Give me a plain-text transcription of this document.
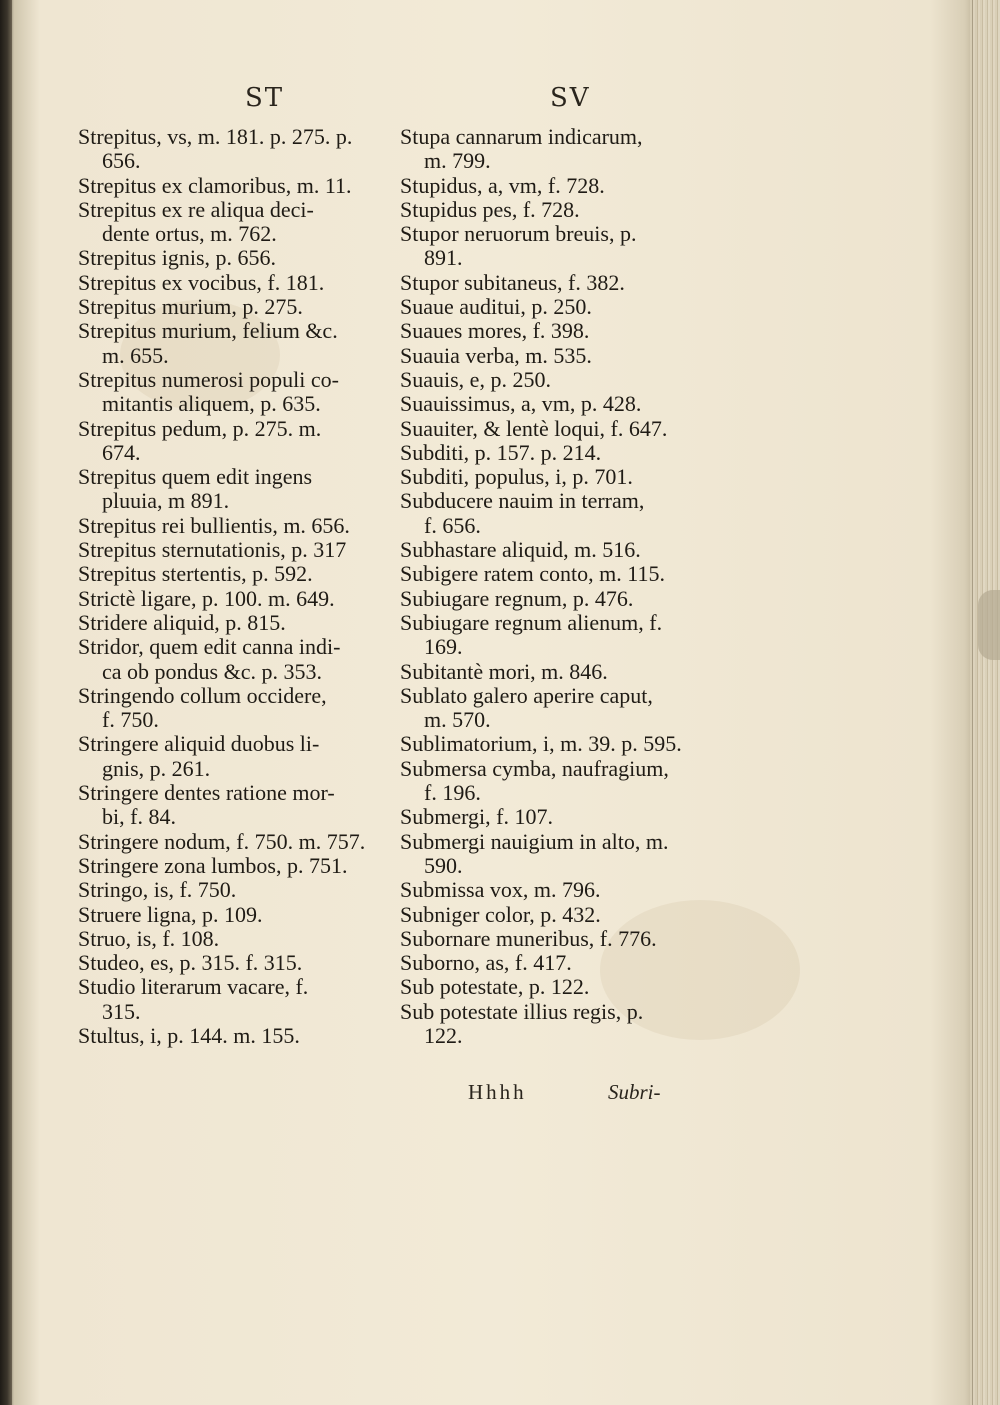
ST	SV
Strepitus, vs, m. 181. p. 275. p.
656.
Strepitus ex clamoribus, m. 11.
Strepitus ex re aliqua deci-
dente ortus, m. 762.
Strepitus ignis, p. 656.
Strepitus ex vocibus, f. 181.
Strepitus murium, p. 275.
Strepitus murium, felium &c.
m. 655.
Strepitus numerosi populi co-
mitantis aliquem, p. 635.
Strepitus pedum, p. 275. m.
674.
Strepitus quem edit ingens
pluuia, m 891.
Strepitus rei bullientis, m. 656.
Strepitus sternutationis, p. 317
Strepitus stertentis, p. 592.
Strictè ligare, p. 100. m. 649.
Stridere aliquid, p. 815.
Stridor, quem edit canna indi-
ca ob pondus &c. p. 353.
Stringendo collum occidere,
f. 750.
Stringere aliquid duobus li-
gnis, p. 261.
Stringere dentes ratione mor-
bi, f. 84.
Stringere nodum, f. 750. m. 757.
Stringere zona lumbos, p. 751.
Stringo, is, f. 750.
Struere ligna, p. 109.
Struo, is, f. 108.
Studeo, es, p. 315. f. 315.
Studio literarum vacare, f.
315.
Stultus, i, p. 144. m. 155.
Stupa cannarum indicarum,
m. 799.
Stupidus, a, vm, f. 728.
Stupidus pes, f. 728.
Stupor neruorum breuis, p.
891.
Stupor subitaneus, f. 382.
Suaue auditui, p. 250.
Suaues mores, f. 398.
Suauia verba, m. 535.
Suauis, e, p. 250.
Suauissimus, a, vm, p. 428.
Suauiter, & lentè loqui, f. 647.
Subditi, p. 157. p. 214.
Subditi, populus, i, p. 701.
Subducere nauim in terram,
f. 656.
Subhastare aliquid, m. 516.
Subigere ratem conto, m. 115.
Subiugare regnum, p. 476.
Subiugare regnum alienum, f.
169.
Subitantè mori, m. 846.
Sublato galero aperire caput,
m. 570.
Sublimatorium, i, m. 39. p. 595.
Submersa cymba, naufragium,
f. 196.
Submergi, f. 107.
Submergi nauigium in alto, m.
590.
Submissa vox, m. 796.
Subniger color, p. 432.
Subornare muneribus, f. 776.
Suborno, as, f. 417.
Sub potestate, p. 122.
Sub potestate illius regis, p.
122.
Hhhh	Subri-
